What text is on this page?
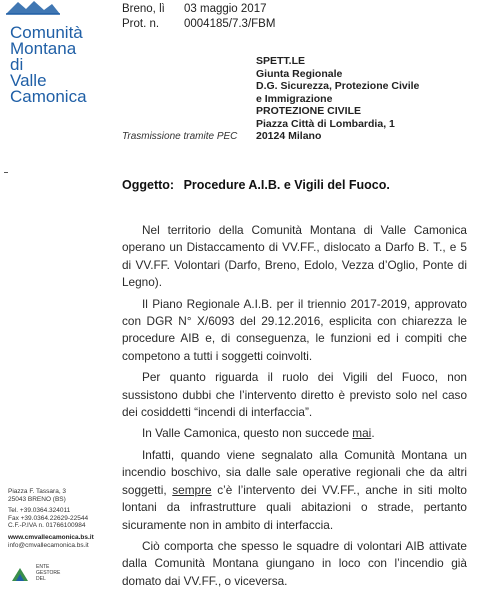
Comunità
Montana
di
Valle
Camonica
Breno, lì	03 maggio 2017
Prot. n.	0004185/7.3/FBM
SPETT.LE
Giunta Regionale
D.G. Sicurezza, Protezione Civile
e Immigrazione
PROTEZIONE CIVILE
Piazza Città di Lombardia, 1
20124 Milano
Trasmissione tramite PEC
Oggetto: Procedure A.I.B. e Vigili del Fuoco.

Nel territorio della Comunità Montana di Valle Camonica operano un Distaccamento di VV.FF., dislocato a Darfo B. T., e 5 di VV.FF. Volontari (Darfo, Breno, Edolo, Vezza d’Oglio, Ponte di Legno).

Il Piano Regionale A.I.B. per il triennio 2017-2019, approvato con DGR N° X/6093 del 29.12.2016, esplicita con chiarezza le procedure AIB e, di conseguenza, le funzioni ed i compiti che competono a tutti i soggetti coinvolti.

Per quanto riguarda il ruolo dei Vigili del Fuoco, non sussistono dubbi che l’intervento diretto è previsto solo nel caso dei cosiddetti “incendi di interfaccia”.

In Valle Camonica, questo non succede mai.

Infatti, quando viene segnalato alla Comunità Montana un incendio boschivo, sia dalle sale operative regionali che da altri soggetti, sempre c’è l’intervento dei VV.FF., anche in siti molto lontani da infrastrutture quali abitazioni o strade, pertanto sicuramente non in ambito di interfaccia.

Ciò comporta che spesso le squadre di volontari AIB attivate dalla Comunità Montana giungano in loco con l’incendio già domato dai VV.FF., o viceversa.

Piazza F. Tassara, 3
25043 BRENO (BS)
Tel. +39.0364.324011
Fax +39.0364.22629-22544
C.F.-P.IVA n. 01766100984
www.cmvallecamonica.bs.it
info@cmvallecamonica.bs.it
ENTE
GESTORE
DEL
